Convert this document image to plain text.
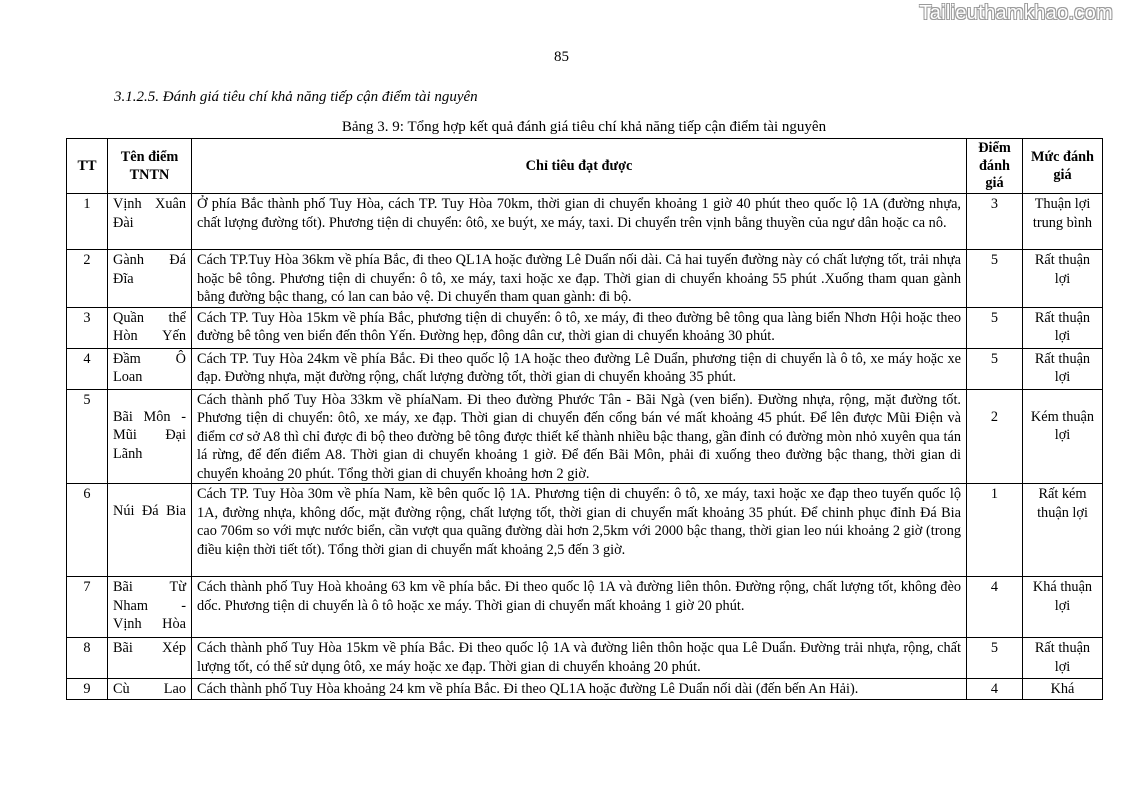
Tailieuthamkhao.com
85
3.1.2.5. Đánh giá tiêu chí khả năng tiếp cận điểm tài nguyên
Bảng 3. 9: Tổng hợp kết quả đánh giá tiêu chí khả năng tiếp cận điểm tài nguyên
TT	Tên điểm TNTN	Chỉ tiêu đạt được	Điểm đánh giá	Mức đánh giá
1	Vịnh Xuân Đài	Ở phía Bắc thành phố Tuy Hòa, cách TP. Tuy Hòa 70km, thời gian di chuyển khoảng 1 giờ 40 phút theo quốc lộ 1A (đường nhựa, chất lượng đường tốt). Phương tiện di chuyển: ôtô, xe buýt, xe máy, taxi. Di chuyển trên vịnh bằng thuyền của ngư dân hoặc ca nô.	3	Thuận lợi trung bình
2	Gành Đá Đĩa	Cách TP.Tuy Hòa 36km về phía Bắc, đi theo QL1A hoặc đường Lê Duẩn nối dài. Cả hai tuyến đường này có chất lượng tốt, trải nhựa hoặc bê tông. Phương tiện di chuyển: ô tô, xe máy, taxi hoặc xe đạp. Thời gian di chuyển khoảng 55 phút .Xuống tham quan gành bằng đường bậc thang, có lan can bảo vệ. Di chuyển tham quan gành: đi bộ.	5	Rất thuận lợi
3	Quần thể Hòn Yến	Cách TP. Tuy Hòa 15km về phía Bắc, phương tiện di chuyển: ô tô, xe máy, đi theo đường bê tông qua làng biển Nhơn Hội hoặc theo đường bê tông ven biển đến thôn Yến. Đường hẹp, đông dân cư, thời gian di chuyển khoảng 30 phút.	5	Rất thuận lợi
4	Đầm Ô Loan	Cách TP. Tuy Hòa 24km về phía Bắc. Đi theo quốc lộ 1A hoặc theo đường Lê Duẩn, phương tiện di chuyển là ô tô, xe máy hoặc xe đạp. Đường nhựa, mặt đường rộng, chất lượng đường tốt, thời gian di chuyển khoảng 35 phút.	5	Rất thuận lợi
5	Bãi Môn - Mũi Đại Lãnh	Cách thành phố Tuy Hòa 33km về phíaNam. Đi theo đường Phước Tân - Bãi Ngà (ven biển). Đường nhựa, rộng, mặt đường tốt. Phương tiện di chuyển: ôtô, xe máy, xe đạp. Thời gian di chuyển đến cổng bán vé mất khoảng 45 phút. Để lên được Mũi Điện và điểm cơ sở A8 thì chỉ được đi bộ theo đường bê tông được thiết kế thành nhiều bậc thang, gần đỉnh có đường mòn nhỏ xuyên qua tán lá rừng, để đến điểm A8. Thời gian di chuyển khoảng 1 giờ. Để đến Bãi Môn, phải đi xuống theo đường bậc thang, thời gian di chuyển khoảng 20 phút. Tổng thời gian di chuyển khoảng hơn 2 giờ.	2	Kém thuận lợi
6	Núi Đá Bia	Cách TP. Tuy Hòa 30m về phía Nam, kề bên quốc lộ 1A. Phương tiện di chuyển: ô tô, xe máy, taxi hoặc xe đạp theo tuyến quốc lộ 1A, đường nhựa, không dốc, mặt đường rộng, chất lượng tốt, thời gian di chuyển mất khoảng 35 phút. Để chinh phục đỉnh Đá Bia cao 706m so với mực nước biển, cần vượt qua quãng đường dài hơn 2,5km với 2000 bậc thang, thời gian leo núi khoảng 2 giờ (trong điều kiện thời tiết tốt). Tổng thời gian di chuyển mất khoảng 2,5 đến 3 giờ.	1	Rất kém thuận lợi
7	Bãi Từ Nham - Vịnh Hòa	Cách thành phố Tuy Hoà khoảng 63 km về phía bắc. Đi theo quốc lộ 1A và đường liên thôn. Đường rộng, chất lượng tốt, không đèo dốc. Phương tiện di chuyển là ô tô hoặc xe máy. Thời gian di chuyển mất khoảng 1 giờ 20 phút.	4	Khá thuận lợi
8	Bãi Xép	Cách thành phố Tuy Hòa 15km về phía Bắc. Đi theo quốc lộ 1A và đường liên thôn hoặc qua Lê Duẩn. Đường trải nhựa, rộng, chất lượng tốt, có thể sử dụng ôtô, xe máy hoặc xe đạp. Thời gian di chuyển khoảng 20 phút.	5	Rất thuận lợi
9	Cù Lao	Cách thành phố Tuy Hòa khoảng 24 km về phía Bắc. Đi theo QL1A hoặc đường Lê Duẩn nối dài (đến bến An Hải).	4	Khá
